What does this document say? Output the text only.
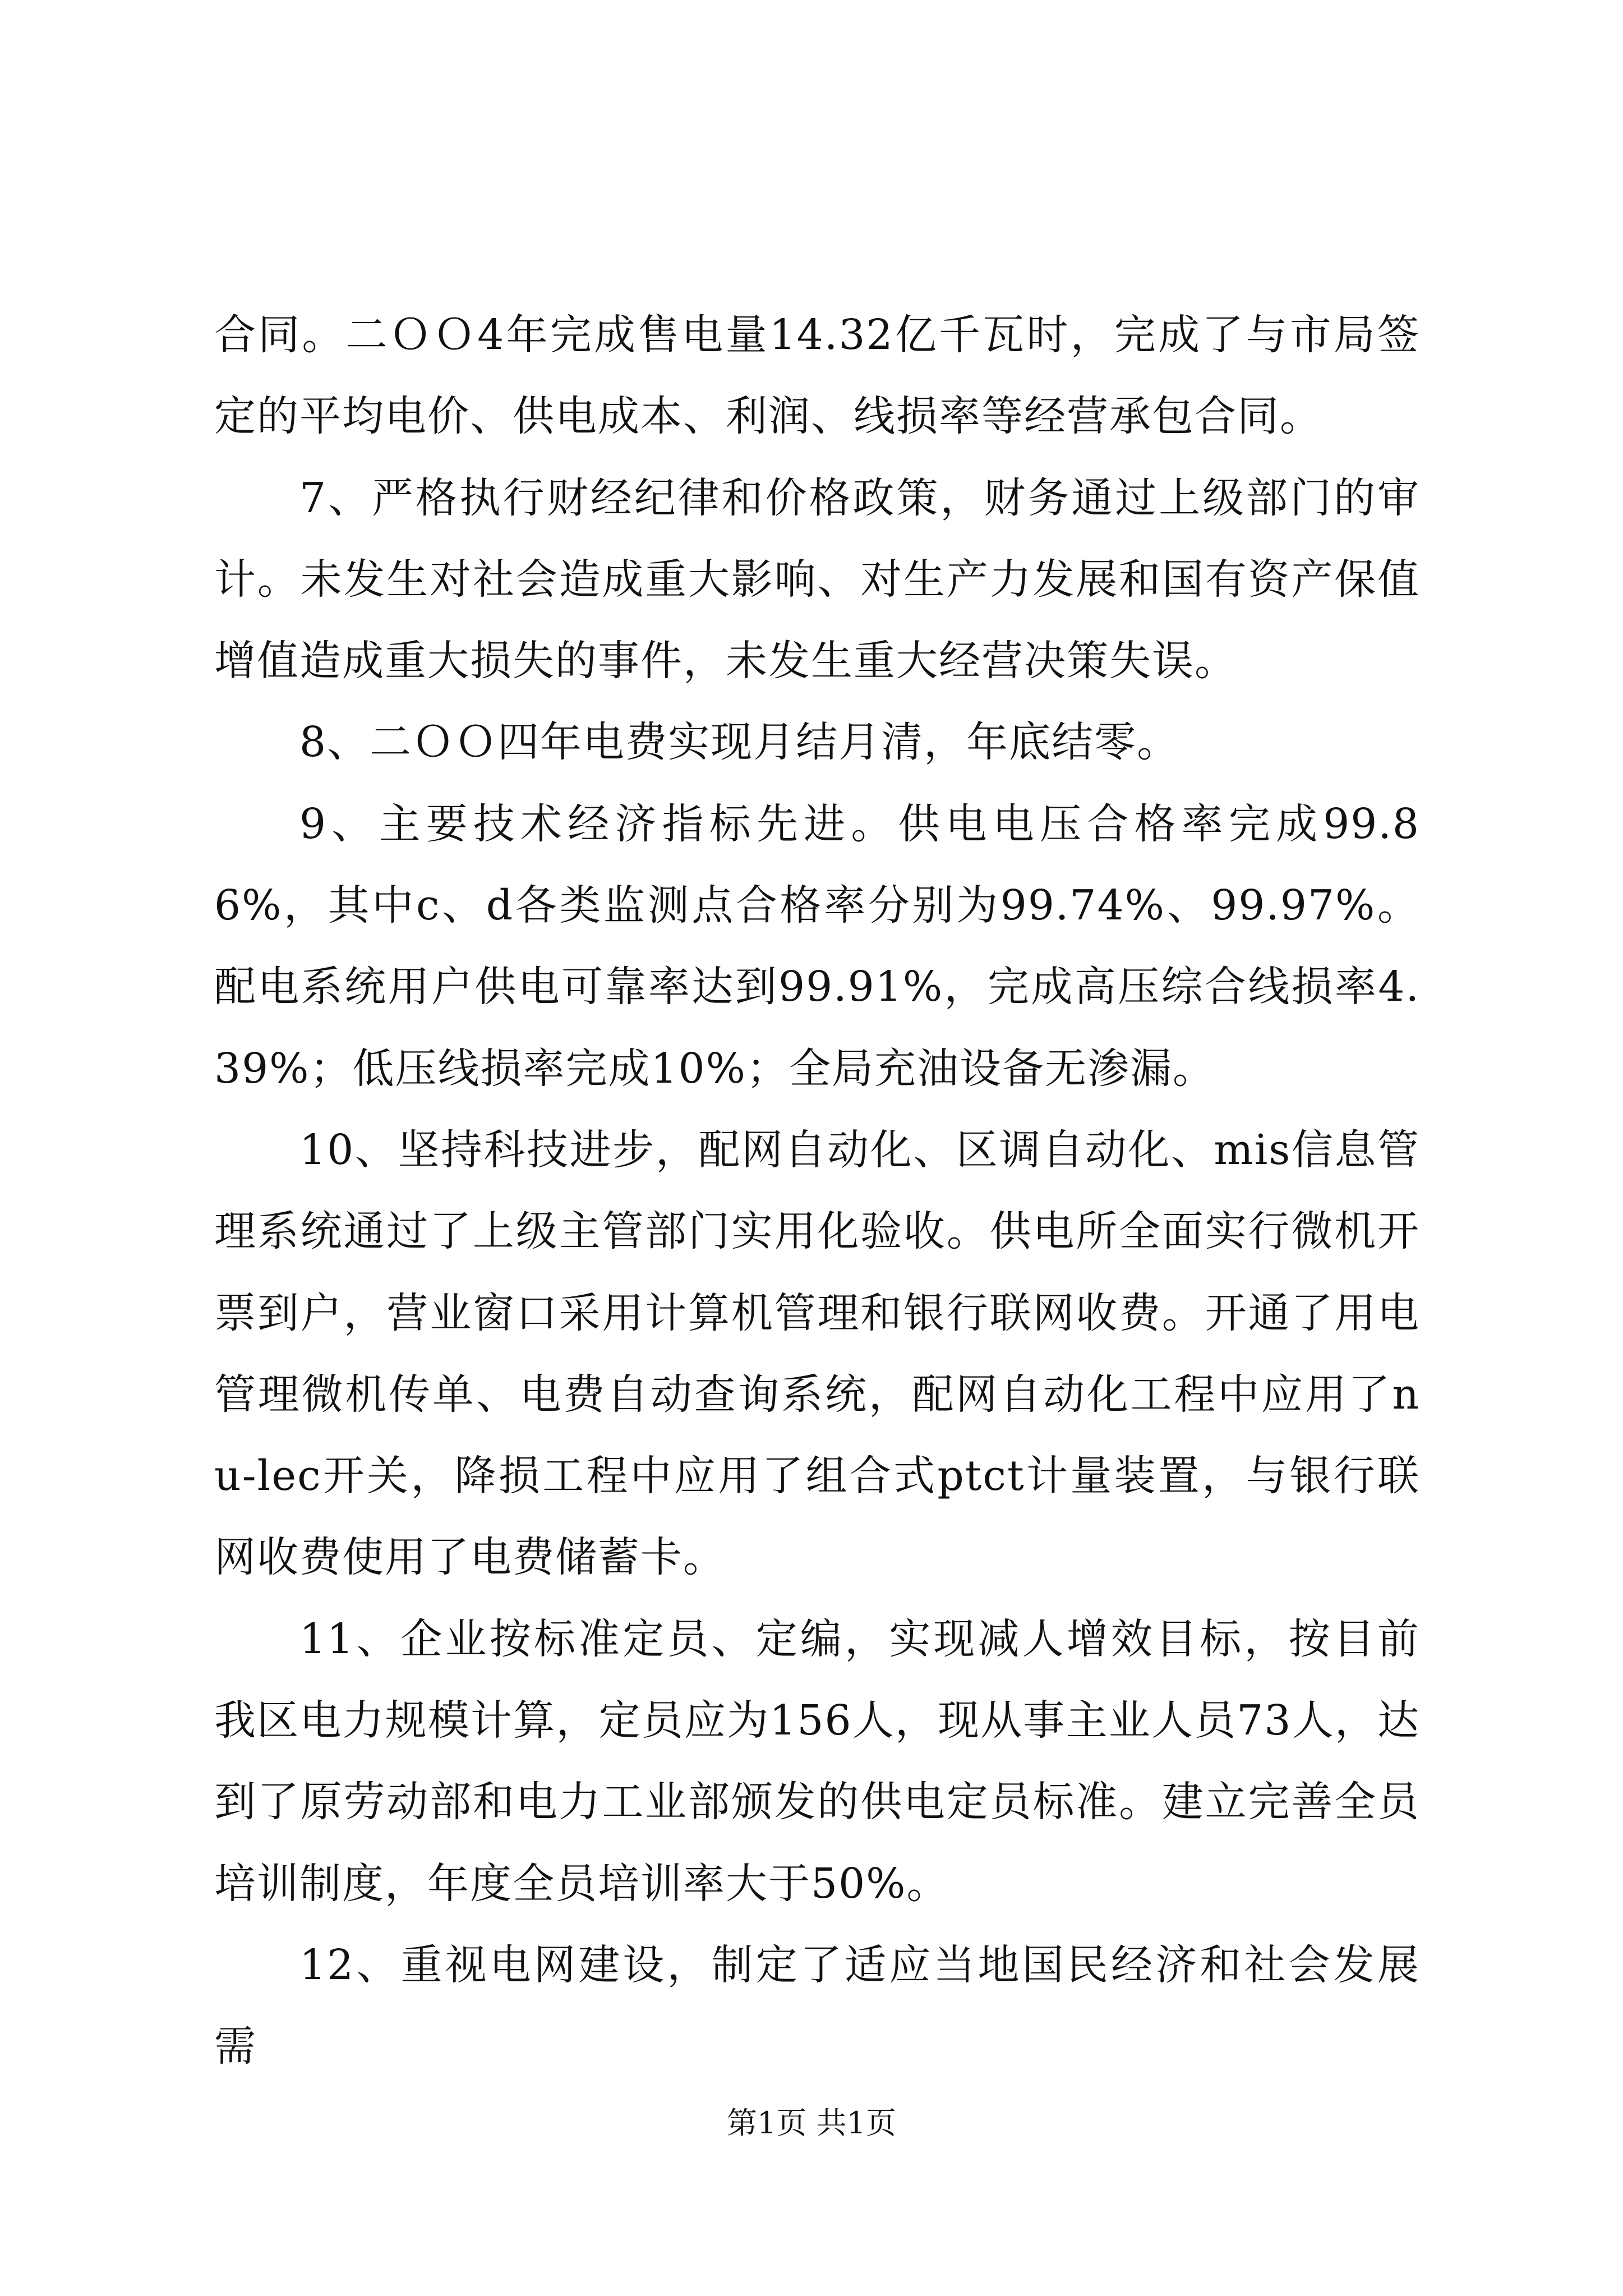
合同。二ＯＯ4年完成售电量14.32亿千瓦时，完成了与市局签定的平均电价、供电成本、利润、线损率等经营承包合同。

7、严格执行财经纪律和价格政策，财务通过上级部门的审计。未发生对社会造成重大影响、对生产力发展和国有资产保值增值造成重大损失的事件，未发生重大经营决策失误。

8、二ＯＯ四年电费实现月结月清，年底结零。

9、主要技术经济指标先进。供电电压合格率完成99.86%，其中c、d各类监测点合格率分别为99.74%、99.97%。配电系统用户供电可靠率达到99.91%，完成高压综合线损率4.39%；低压线损率完成10%；全局充油设备无渗漏。

10、坚持科技进步，配网自动化、区调自动化、mis信息管理系统通过了上级主管部门实用化验收。供电所全面实行微机开票到户，营业窗口采用计算机管理和银行联网收费。开通了用电管理微机传单、电费自动查询系统，配网自动化工程中应用了nu-lec开关，降损工程中应用了组合式ptct计量装置，与银行联网收费使用了电费储蓄卡。

11、企业按标准定员、定编，实现减人增效目标，按目前我区电力规模计算，定员应为156人，现从事主业人员73人，达到了原劳动部和电力工业部颁发的供电定员标准。建立完善全员培训制度，年度全员培训率大于50%。

12、重视电网建设，制定了适应当地国民经济和社会发展需

第1页 共1页
